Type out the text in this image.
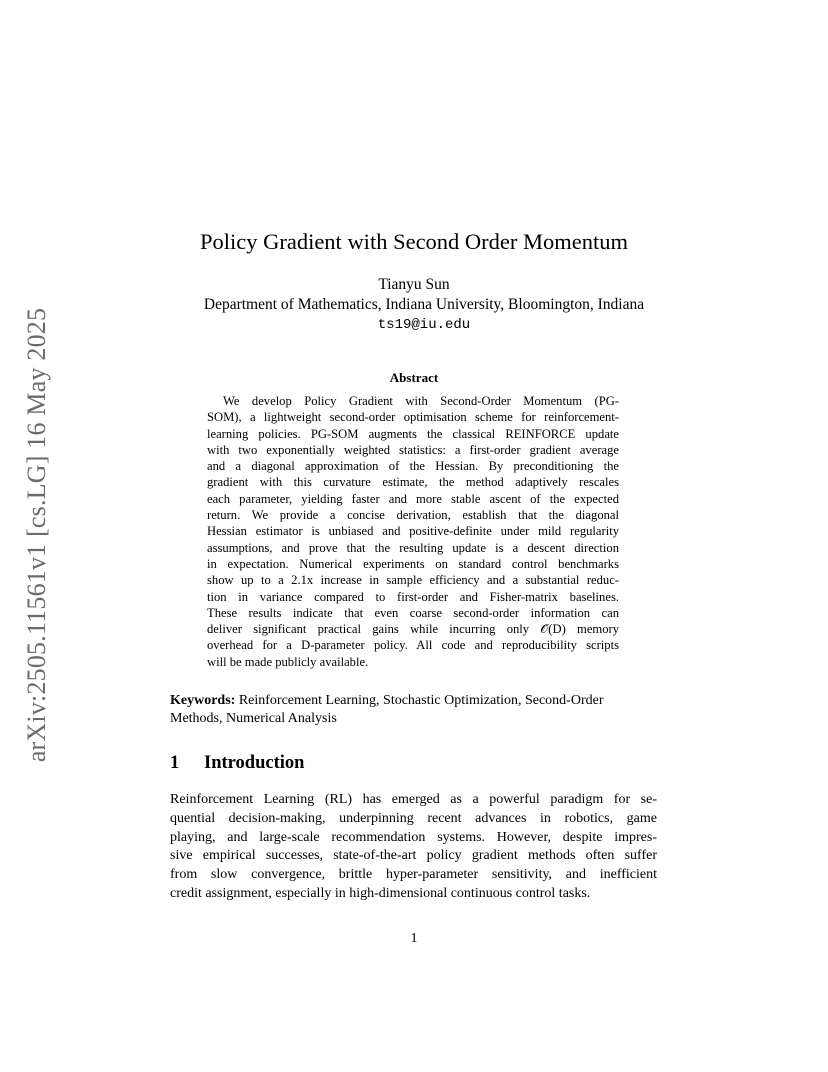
arXiv:2505.11561v1 [cs.LG] 16 May 2025
Policy Gradient with Second Order Momentum
Tianyu Sun
Department of Mathematics, Indiana University, Bloomington, Indiana
ts19@iu.edu
Abstract
We develop Policy Gradient with Second-Order Momentum (PG-
SOM), a lightweight second-order optimisation scheme for reinforcement-
learning policies. PG-SOM augments the classical REINFORCE update
with two exponentially weighted statistics: a first-order gradient average
and a diagonal approximation of the Hessian. By preconditioning the
gradient with this curvature estimate, the method adaptively rescales
each parameter, yielding faster and more stable ascent of the expected
return. We provide a concise derivation, establish that the diagonal
Hessian estimator is unbiased and positive-definite under mild regularity
assumptions, and prove that the resulting update is a descent direction
in expectation. Numerical experiments on standard control benchmarks
show up to a 2.1x increase in sample efficiency and a substantial reduc-
tion in variance compared to first-order and Fisher-matrix baselines.
These results indicate that even coarse second-order information can
deliver significant practical gains while incurring only 𝒪(D) memory
overhead for a D-parameter policy. All code and reproducibility scripts
will be made publicly available.
Keywords: Reinforcement Learning, Stochastic Optimization, Second-Order
Methods, Numerical Analysis
1 Introduction
Reinforcement Learning (RL) has emerged as a powerful paradigm for se-
quential decision-making, underpinning recent advances in robotics, game
playing, and large-scale recommendation systems. However, despite impres-
sive empirical successes, state-of-the-art policy gradient methods often suffer
from slow convergence, brittle hyper-parameter sensitivity, and inefficient
credit assignment, especially in high-dimensional continuous control tasks.
1
